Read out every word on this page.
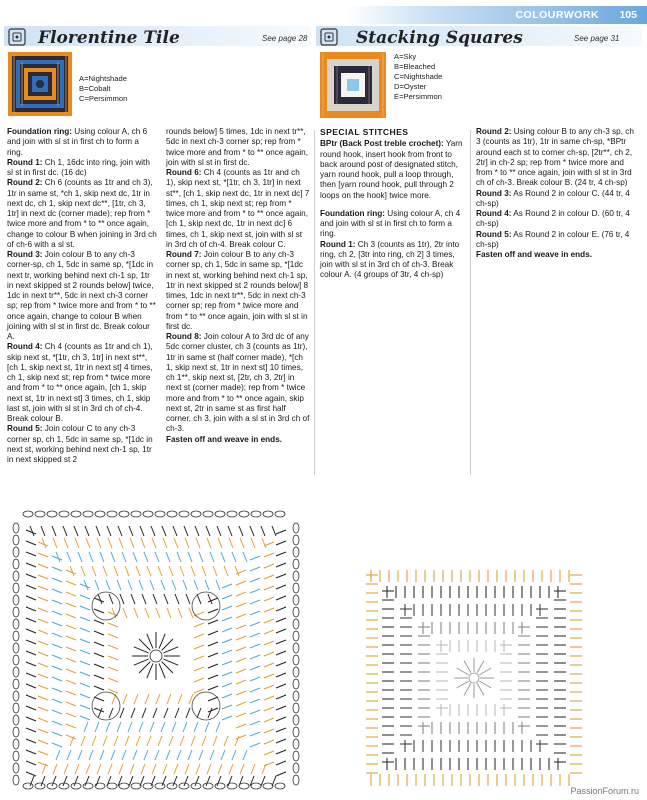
COLOURWORK 105
Florentine Tile	See page 28	Stacking Squares	See page 31
A=Nightshade
B=Cobalt
C=Persimmon
A=Sky
B=Bleached
C=Nightshade
D=Oyster
E=Persimmon

Foundation ring: Using colour A, ch 6 and join with sl st in first ch to form a ring.

Round 1: Ch 1, 16dc into ring, join with sl st in first dc. (16 dc)

Round 2: Ch 6 (counts as 1tr and ch 3), 1tr in same st, *ch 1, skip next dc, 1tr in next dc, ch 1, skip next dc**, [1tr, ch 3, 1tr] in next dc (corner made); rep from * twice more and from * to ** once again, change to colour B when joining in 3rd ch of ch-6 with a sl st.

Round 3: Join colour B to any ch-3 corner-sp, ch 1, 5dc in same sp, *[1dc in next tr, working behind next ch-1 sp, 1tr in next skipped st 2 rounds below] twice, 1dc in next tr**, 5dc in next ch-3 corner sp; rep from * twice more and from * to ** once again, change to colour B when joining with sl st in first dc. Break colour A.

Round 4: Ch 4 (counts as 1tr and ch 1), skip next st, *[1tr, ch 3, 1tr] in next st**, [ch 1, skip next st, 1tr in next st] 4 times, ch 1, skip next st; rep from * twice more and from * to ** once again, [ch 1, skip next st, 1tr in next st] 3 times, ch 1, skip last st, join with sl st in 3rd ch of ch-4. Break colour B.

Round 5: Join colour C to any ch-3 corner sp, ch 1, 5dc in same sp, *[1dc in next st, working behind next ch-1 sp, 1tr in next skipped st 2

rounds below] 5 times, 1dc in next tr**, 5dc in next ch-3 corner sp; rep from * twice more and from * to ** once again, join with sl st in first dc.

Round 6: Ch 4 (counts as 1tr and ch 1), skip next st, *[1tr, ch 3, 1tr] in next st**, [ch 1, skip next dc, 1tr in next dc] 7 times, ch 1, skip next st; rep from * twice more and from * to ** once again, [ch 1, skip next dc, 1tr in next dc] 6 times, ch 1, skip next st, join with sl st in 3rd ch of ch-4. Break colour C.

Round 7: Join colour B to any ch-3 corner sp, ch 1, 5dc in same sp, *[1dc in next st, working behind next ch-1 sp, 1tr in next skipped st 2 rounds below] 8 times, 1dc in next tr**, 5dc in next ch-3 corner sp; rep from * twice more and from * to ** once again, join with sl st in first dc.

Round 8: Join colour A to 3rd dc of any 5dc corner cluster, ch 3 (counts as 1tr), 1tr in same st (half corner made), *[ch 1, skip next st, 1tr in next st] 10 times, ch 1**, skip next st, [2tr, ch 3, 2tr] in next st (corner made); rep from * twice more and from * to ** once again, skip next st, 2tr in same st as first half corner, ch 3, join with a sl st in 3rd ch of ch-3.

Fasten off and weave in ends.

SPECIAL STITCHES

BPtr (Back Post treble crochet): Yarn round hook, insert hook from front to back around post of designated stitch, yarn round hook, pull a loop through, then [yarn round hook, pull through 2 loops on the hook] twice more.

Foundation ring: Using colour A, ch 4 and join with sl st in first ch to form a ring.

Round 1: Ch 3 (counts as 1tr), 2tr into ring, ch 2, [3tr into ring, ch 2] 3 times, join with sl st in 3rd ch of ch-3. Break colour A. (4 groups of 3tr, 4 ch-sp)

Round 2: Using colour B to any ch-3 sp, ch 3 (counts as 1tr), 1tr in same ch-sp, *BPtr around each st to corner ch-sp, [2tr**, ch 2, 2tr] in ch-2 sp; rep from * twice more and from * to ** once again, join with sl st in 3rd ch of ch-3. Break colour B. (24 tr, 4 ch-sp)

Round 3: As Round 2 in colour C. (44 tr, 4 ch-sp)

Round 4: As Round 2 in colour D. (60 tr, 4 ch-sp)

Round 5: As Round 2 in colour E. (76 tr, 4 ch-sp)

Fasten off and weave in ends.

PassionForum.ru
